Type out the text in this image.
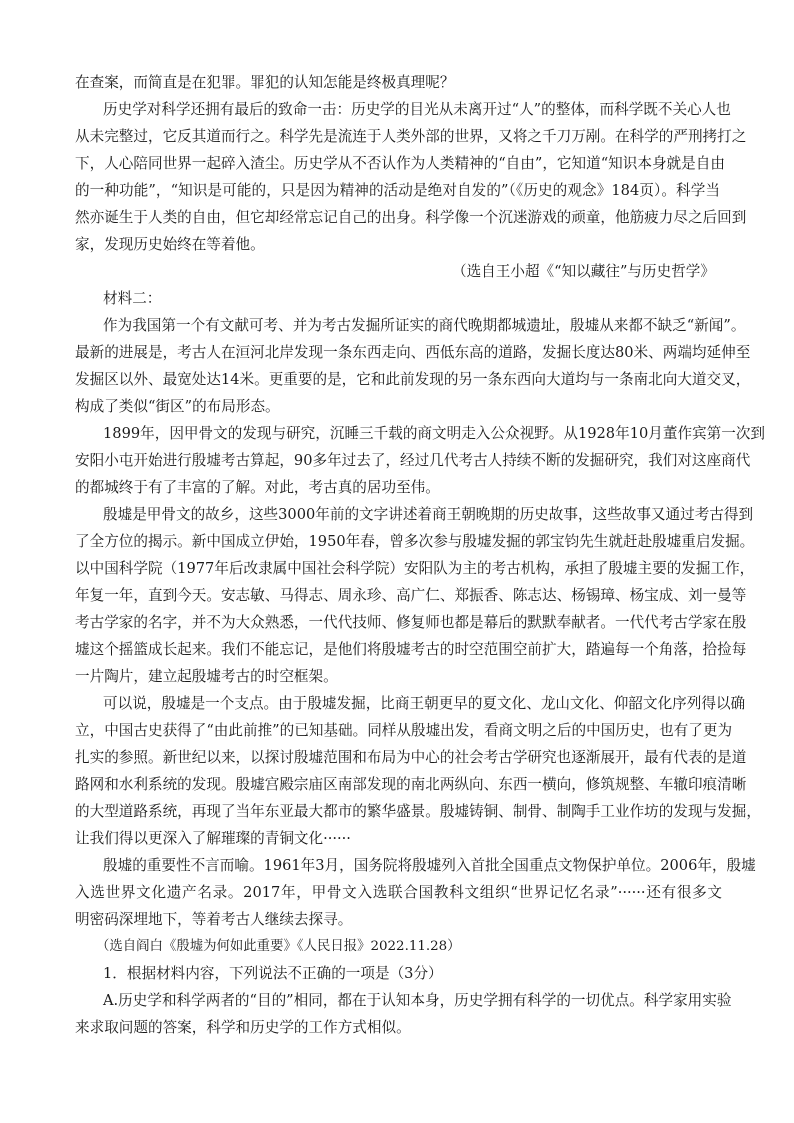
在查案，而简直是在犯罪。罪犯的认知怎能是终极真理呢？
历史学对科学还拥有最后的致命一击：历史学的目光从未离开过“人”的整体，而科学既不关心人也
从未完整过，它反其道而行之。科学先是流连于人类外部的世界，又将之千刀万剐。在科学的严刑拷打之
下，人心陪同世界一起碎入渣尘。历史学从不否认作为人类精神的“自由”，它知道“知识本身就是自由
的一种功能”，“知识是可能的，只是因为精神的活动是绝对自发的”（《历史的观念》184页）。科学当
然亦诞生于人类的自由，但它却经常忘记自己的出身。科学像一个沉迷游戏的顽童，他筋疲力尽之后回到
家，发现历史始终在等着他。
（选自王小超《“知以藏往”与历史哲学》
材料二：
作为我国第一个有文献可考、并为考古发掘所证实的商代晚期都城遗址，殷墟从来都不缺乏“新闻”。
最新的进展是，考古人在洹河北岸发现一条东西走向、西低东高的道路，发掘长度达80米、两端均延伸至
发掘区以外、最宽处达14米。更重要的是，它和此前发现的另一条东西向大道均与一条南北向大道交叉，
构成了类似“街区”的布局形态。
1899年，因甲骨文的发现与研究，沉睡三千载的商文明走入公众视野。从1928年10月董作宾第一次到
安阳小屯开始进行殷墟考古算起，90多年过去了，经过几代考古人持续不断的发掘研究，我们对这座商代
的都城终于有了丰富的了解。对此，考古真的居功至伟。
殷墟是甲骨文的故乡，这些3000年前的文字讲述着商王朝晚期的历史故事，这些故事又通过考古得到
了全方位的揭示。新中国成立伊始，1950年春，曾多次参与殷墟发掘的郭宝钧先生就赶赴殷墟重启发掘。
以中国科学院（1977年后改隶属中国社会科学院）安阳队为主的考古机构，承担了殷墟主要的发掘工作，
年复一年，直到今天。安志敏、马得志、周永珍、高广仁、郑振香、陈志达、杨锡璋、杨宝成、刘一曼等
考古学家的名字，并不为大众熟悉，一代代技师、修复师也都是幕后的默默奉献者。一代代考古学家在殷
墟这个摇篮成长起来。我们不能忘记，是他们将殷墟考古的时空范围空前扩大，踏遍每一个角落，拾捡每
一片陶片，建立起殷墟考古的时空框架。
可以说，殷墟是一个支点。由于殷墟发掘，比商王朝更早的夏文化、龙山文化、仰韶文化序列得以确
立，中国古史获得了“由此前推”的已知基础。同样从殷墟出发，看商文明之后的中国历史，也有了更为
扎实的参照。新世纪以来，以探讨殷墟范围和布局为中心的社会考古学研究也逐渐展开，最有代表的是道
路网和水利系统的发现。殷墟宫殿宗庙区南部发现的南北两纵向、东西一横向，修筑规整、车辙印痕清晰
的大型道路系统，再现了当年东亚最大都市的繁华盛景。殷墟铸铜、制骨、制陶手工业作坊的发现与发掘，
让我们得以更深入了解璀璨的青铜文化······
殷墟的重要性不言而喻。1961年3月，国务院将殷墟列入首批全国重点文物保护单位。2006年，殷墟
入选世界文化遗产名录。2017年，甲骨文入选联合国教科文组织“世界记忆名录”······还有很多文
明密码深埋地下，等着考古人继续去探寻。
（选自阎白《殷墟为何如此重要》《人民日报》2022.11.28）
1．根据材料内容，下列说法不正确的一项是（3分）
A.历史学和科学两者的“目的”相同，都在于认知本身，历史学拥有科学的一切优点。科学家用实验
来求取问题的答案，科学和历史学的工作方式相似。
